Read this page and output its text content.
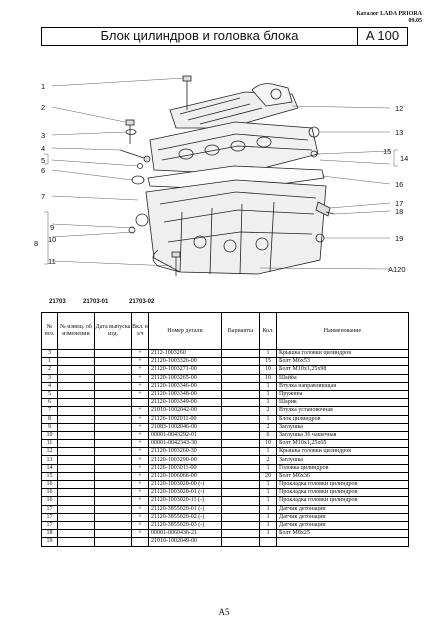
Каталог LADA PRIORA
09.05
Блок цилиндров и головка блока	A 100
1
2
3
4
5
6
7
8
9
10
11
12
13
14
15
16
17
18
19
A120
21703	21703-01	21703-02
№ поз.	№ извещ. об изменении	Дата выпуска изд.	Вкл. в з/ч	Номер детали	Варианты	Кол.	Наименование
3			+	2112-1003260		1	Крышка головки цилиндров
1			+	21120-1003326-00		15	Болт М6х53
2			+	21120-1003271-00		10	Болт М10х1,25х98
3			+	21120-1003265-00		10	Шайба
4			+	21120-1003346-00		1	Втулка направляющая
5			+	21120-1003348-00		1	Пружина
6				21120-1003349-00		1	Шарик
7			+	21010-1002042-00		2	Втулка установочная
8			+	21126-1002011-00		1	Блок цилиндров
9			+	21083-1002046-00		2	Заглушка
10			+	00001-0043292-01		6	Заглушка 36 чашечная
11			+	00001-0042343-30		10	Болт М10х1,25х65
12			+	21120-1003260-30		1	Крышка головки цилиндров
13			+	21120-1003290-00		2	Заглушка
14			+	21126-1003011-00		1	Головка цилиндров
15			+	21120-1006066-00		20	Болт М6х36
16			+	21120-1003020-00 (-)		1	Прокладка головки цилиндров
16			+	21120-1003020-01 (-)		1	Прокладка головки цилиндров
16			+	21120-1003020-11 (-)		1	Прокладка головки цилиндров
17			+	21120-3855020-01 (-)		1	Датчик детонации
17			+	21120-3855020-02 (-)		1	Датчик детонации
17			+	21120-3855020-03 (-)		1	Датчик детонации
18			+	00001-0060436-21		1	Болт М8х25
19				21010-1002049-00			
A5
